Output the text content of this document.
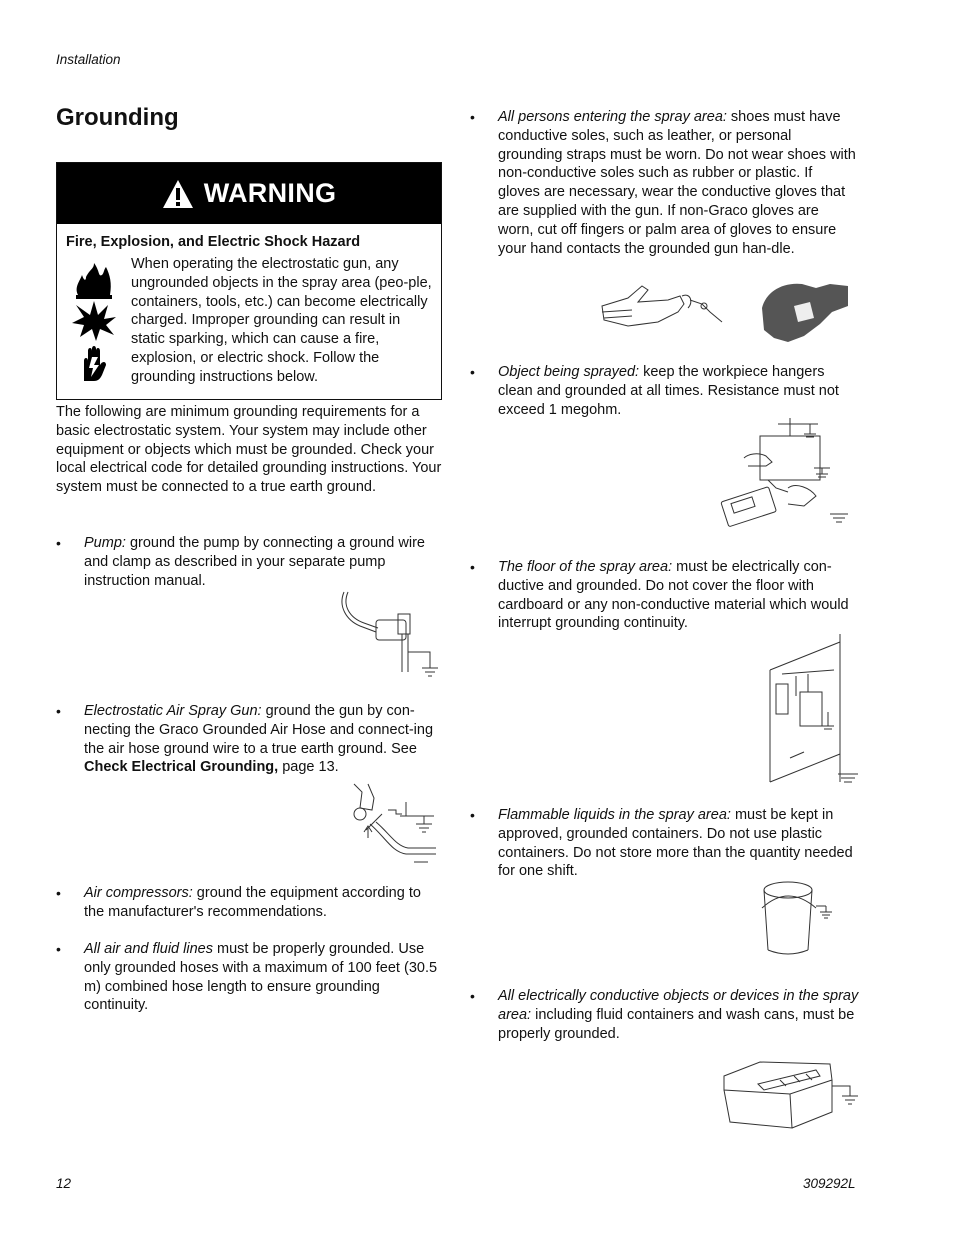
Installation
Grounding
WARNING
Fire, Explosion, and Electric Shock Hazard
When operating the electrostatic gun, any ungrounded objects in the spray area (peo-ple, containers, tools, etc.) can become electrically charged. Improper grounding can result in static sparking, which can cause a fire, explosion, or electric shock. Follow the grounding instructions below.
The following are minimum grounding requirements for a basic electrostatic system. Your system may include other equipment or objects which must be grounded. Check your local electrical code for detailed grounding instructions. Your system must be connected to a true earth ground.
• Pump: ground the pump by connecting a ground wire and clamp as described in your separate pump instruction manual.
• Electrostatic Air Spray Gun: ground the gun by con-necting the Graco Grounded Air Hose and connect-ing the air hose ground wire to a true earth ground. See Check Electrical Grounding, page 13.
• Air compressors: ground the equipment according to the manufacturer's recommendations.
• All air and fluid lines must be properly grounded. Use only grounded hoses with a maximum of 100 feet (30.5 m) combined hose length to ensure grounding continuity.
• All persons entering the spray area: shoes must have conductive soles, such as leather, or personal grounding straps must be worn. Do not wear shoes with non-conductive soles such as rubber or plastic. If gloves are necessary, wear the conductive gloves that are supplied with the gun. If non-Graco gloves are worn, cut off fingers or palm area of gloves to ensure your hand contacts the grounded gun han-dle.
• Object being sprayed: keep the workpiece hangers clean and grounded at all times. Resistance must not exceed 1 megohm.
• The floor of the spray area: must be electrically con-ductive and grounded. Do not cover the floor with cardboard or any non-conductive material which would interrupt grounding continuity.
• Flammable liquids in the spray area: must be kept in approved, grounded containers. Do not use plastic containers. Do not store more than the quantity needed for one shift.
• All electrically conductive objects or devices in the spray area: including fluid containers and wash cans, must be properly grounded.
12	309292L
